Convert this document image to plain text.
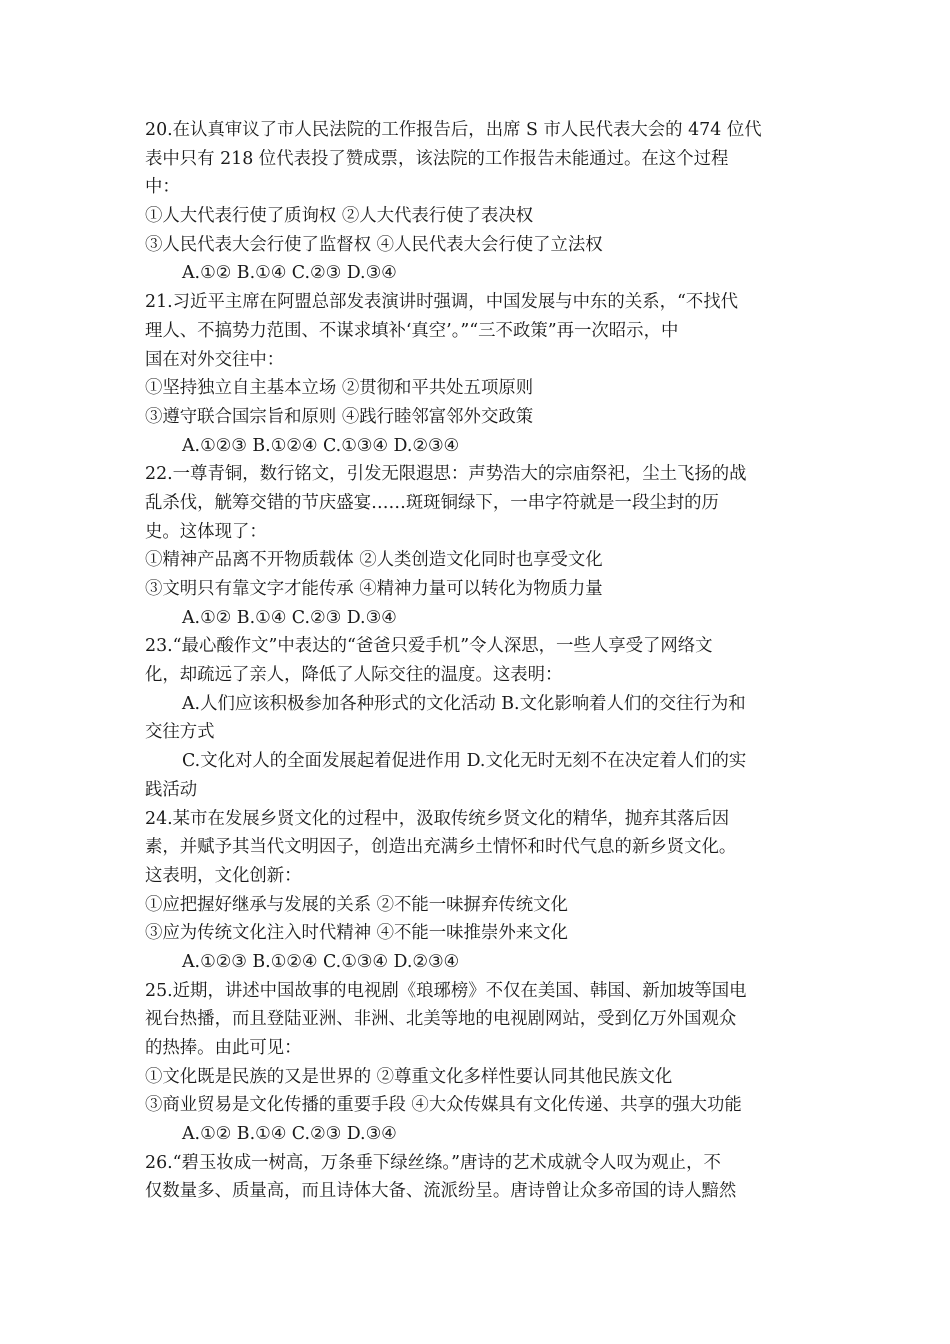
20.在认真审议了市人民法院的工作报告后，出席 S 市人民代表大会的 474 位代
表中只有 218 位代表投了赞成票，该法院的工作报告未能通过。在这个过程
中：
①人大代表行使了质询权 ②人大代表行使了表决权
③人民代表大会行使了监督权 ④人民代表大会行使了立法权
A.①② B.①④ C.②③ D.③④
21.习近平主席在阿盟总部发表演讲时强调，中国发展与中东的关系，“不找代
理人、不搞势力范围、不谋求填补‘真空’。”“三不政策”再一次昭示，中
国在对外交往中：
①坚持独立自主基本立场 ②贯彻和平共处五项原则
③遵守联合国宗旨和原则 ④践行睦邻富邻外交政策
A.①②③ B.①②④ C.①③④ D.②③④
22.一尊青铜，数行铭文，引发无限遐思：声势浩大的宗庙祭祀，尘土飞扬的战
乱杀伐，觥筹交错的节庆盛宴……斑斑铜绿下，一串字符就是一段尘封的历
史。这体现了：
①精神产品离不开物质载体 ②人类创造文化同时也享受文化
③文明只有靠文字才能传承 ④精神力量可以转化为物质力量
A.①② B.①④ C.②③ D.③④
23.“最心酸作文”中表达的“爸爸只爱手机”令人深思，一些人享受了网络文
化，却疏远了亲人，降低了人际交往的温度。这表明：
A.人们应该积极参加各种形式的文化活动 B.文化影响着人们的交往行为和
交往方式
C.文化对人的全面发展起着促进作用 D.文化无时无刻不在决定着人们的实
践活动
24.某市在发展乡贤文化的过程中，汲取传统乡贤文化的精华，抛弃其落后因
素，并赋予其当代文明因子，创造出充满乡土情怀和时代气息的新乡贤文化。
这表明，文化创新：
①应把握好继承与发展的关系 ②不能一味摒弃传统文化
③应为传统文化注入时代精神 ④不能一味推崇外来文化
A.①②③ B.①②④ C.①③④ D.②③④
25.近期，讲述中国故事的电视剧《琅琊榜》不仅在美国、韩国、新加坡等国电
视台热播，而且登陆亚洲、非洲、北美等地的电视剧网站，受到亿万外国观众
的热捧。由此可见：
①文化既是民族的又是世界的 ②尊重文化多样性要认同其他民族文化
③商业贸易是文化传播的重要手段 ④大众传媒具有文化传递、共享的强大功能
A.①② B.①④ C.②③ D.③④
26.“碧玉妆成一树高，万条垂下绿丝绦。”唐诗的艺术成就令人叹为观止，不
仅数量多、质量高，而且诗体大备、流派纷呈。唐诗曾让众多帝国的诗人黯然
